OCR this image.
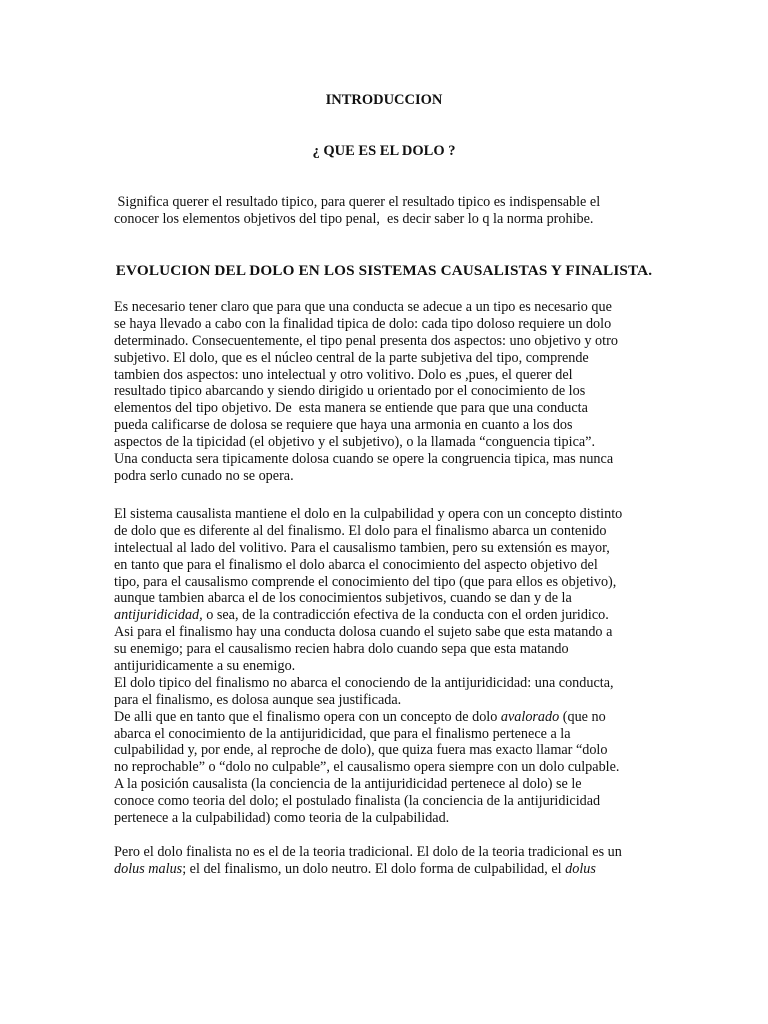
INTRODUCCION
¿ QUE ES EL DOLO ?
Significa querer el resultado tipico, para querer el resultado tipico es indispensable el
conocer los elementos objetivos del tipo penal,  es decir saber lo q la norma prohibe.
EVOLUCION DEL DOLO EN LOS SISTEMAS CAUSALISTAS Y FINALISTA.
Es necesario tener claro que para que una conducta se adecue a un tipo es necesario que
se haya llevado a cabo con la finalidad tipica de dolo: cada tipo doloso requiere un dolo
determinado. Consecuentemente, el tipo penal presenta dos aspectos: uno objetivo y otro
subjetivo. El dolo, que es el núcleo central de la parte subjetiva del tipo, comprende
tambien dos aspectos: uno intelectual y otro volitivo. Dolo es ,pues, el querer del
resultado tipico abarcando y siendo dirigido u orientado por el conocimiento de los
elementos del tipo objetivo. De  esta manera se entiende que para que una conducta
pueda calificarse de dolosa se requiere que haya una armonia en cuanto a los dos
aspectos de la tipicidad (el objetivo y el subjetivo), o la llamada “conguencia tipica”.
Una conducta sera tipicamente dolosa cuando se opere la congruencia tipica, mas nunca
podra serlo cunado no se opera.
El sistema causalista mantiene el dolo en la culpabilidad y opera con un concepto distinto
de dolo que es diferente al del finalismo. El dolo para el finalismo abarca un contenido
intelectual al lado del volitivo. Para el causalismo tambien, pero su extensión es mayor,
en tanto que para el finalismo el dolo abarca el conocimiento del aspecto objetivo del
tipo, para el causalismo comprende el conocimiento del tipo (que para ellos es objetivo),
aunque tambien abarca el de los conocimientos subjetivos, cuando se dan y de la
antijuridicidad, o sea, de la contradicción efectiva de la conducta con el orden juridico.
Asi para el finalismo hay una conducta dolosa cuando el sujeto sabe que esta matando a
su enemigo; para el causalismo recien habra dolo cuando sepa que esta matando
antijuridicamente a su enemigo.
El dolo tipico del finalismo no abarca el conociendo de la antijuridicidad: una conducta,
para el finalismo, es dolosa aunque sea justificada.
De alli que en tanto que el finalismo opera con un concepto de dolo avalorado (que no
abarca el conocimiento de la antijuridicidad, que para el finalismo pertenece a la
culpabilidad y, por ende, al reproche de dolo), que quiza fuera mas exacto llamar “dolo
no reprochable” o “dolo no culpable”, el causalismo opera siempre con un dolo culpable.
A la posición causalista (la conciencia de la antijuridicidad pertenece al dolo) se le
conoce como teoria del dolo; el postulado finalista (la conciencia de la antijuridicidad
pertenece a la culpabilidad) como teoria de la culpabilidad.
Pero el dolo finalista no es el de la teoria tradicional. El dolo de la teoria tradicional es un
dolus malus; el del finalismo, un dolo neutro. El dolo forma de culpabilidad, el dolus
